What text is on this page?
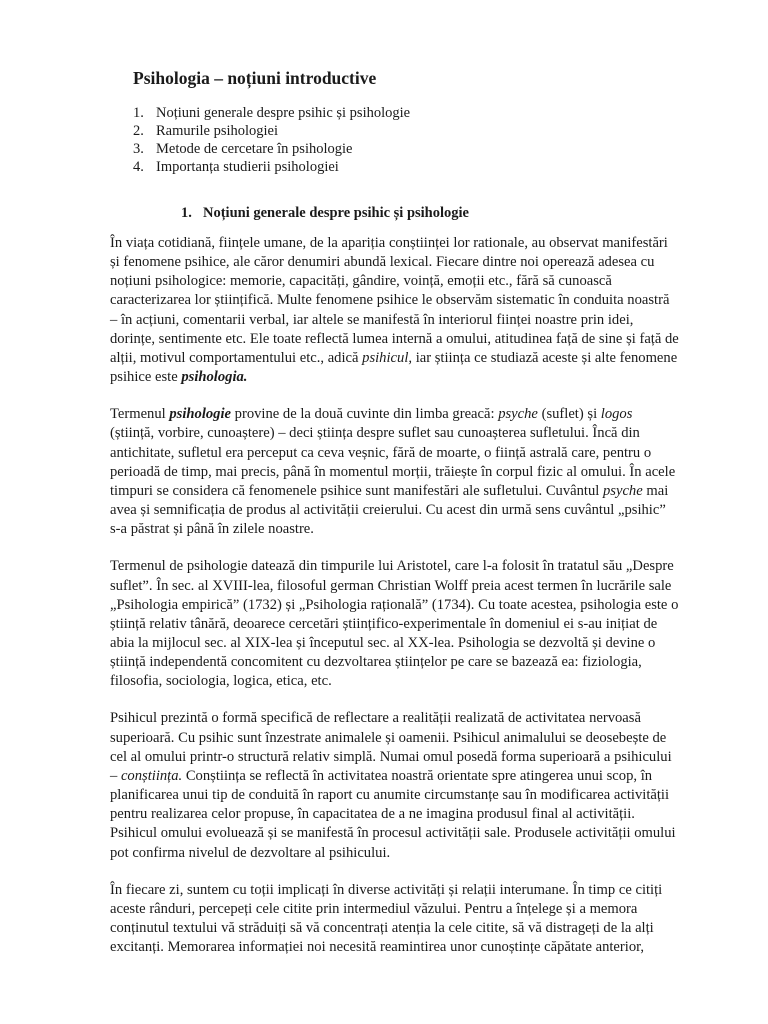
Psihologia – noțiuni introductive
1. Noțiuni generale despre psihic și psihologie
2. Ramurile psihologiei
3. Metode de cercetare în psihologie
4. Importanța studierii psihologiei
1. Noțiuni generale despre psihic și psihologie

În viața cotidiană, ființele umane, de la apariția conștiinței lor rationale, au observat manifestări
și fenomene psihice, ale căror denumiri abundă lexical. Fiecare dintre noi operează adesea cu
noțiuni psihologice: memorie, capacități, gândire, voință, emoții etc., fără să cunoască
caracterizarea lor științifică. Multe fenomene psihice le observăm sistematic în conduita noastră
– în acțiuni, comentarii verbal, iar altele se manifestă în interiorul ființei noastre prin idei,
dorințe, sentimente etc. Ele toate reflectă lumea internă a omului, atitudinea față de sine și față de
alții, motivul comportamentului etc., adică psihicul, iar știința ce studiază aceste și alte fenomene
psihice este psihologia.

Termenul psihologie provine de la două cuvinte din limba greacă: psyche (suflet) și logos
(știință, vorbire, cunoaștere) – deci știința despre suflet sau cunoașterea sufletului. Încă din
antichitate, sufletul era perceput ca ceva veșnic, fără de moarte, o ființă astrală care, pentru o
perioadă de timp, mai precis, până în momentul morții, trăiește în corpul fizic al omului. În acele
timpuri se considera că fenomenele psihice sunt manifestări ale sufletului. Cuvântul psyche mai
avea și semnificația de produs al activității creierului. Cu acest din urmă sens cuvântul „psihic”
s-a păstrat și până în zilele noastre.

Termenul de psihologie datează din timpurile lui Aristotel, care l-a folosit în tratatul său „Despre
suflet”. În sec. al XVIII-lea, filosoful german Christian Wolff preia acest termen în lucrările sale
„Psihologia empirică” (1732) și „Psihologia rațională” (1734). Cu toate acestea, psihologia este o
știință relativ tânără, deoarece cercetări științifico-experimentale în domeniul ei s-au inițiat de
abia la mijlocul sec. al XIX-lea și începutul sec. al XX-lea. Psihologia se dezvoltă și devine o
știință independentă concomitent cu dezvoltarea științelor pe care se bazează ea: fiziologia,
filosofia, sociologia, logica, etica, etc.

Psihicul prezintă o formă specifică de reflectare a realității realizată de activitatea nervoasă
superioară. Cu psihic sunt înzestrate animalele și oamenii. Psihicul animalului se deosebește de
cel al omului printr-o structură relativ simplă. Numai omul posedă forma superioară a psihicului
– conștiința. Conștiința se reflectă în activitatea noastră orientate spre atingerea unui scop, în
planificarea unui tip de conduită în raport cu anumite circumstanțe sau în modificarea activității
pentru realizarea celor propuse, în capacitatea de a ne imagina produsul final al activității.
Psihicul omului evoluează și se manifestă în procesul activității sale. Produsele activității omului
pot confirma nivelul de dezvoltare al psihicului.

În fiecare zi, suntem cu toții implicați în diverse activități și relații interumane. În timp ce citiți
aceste rânduri, percepeți cele citite prin intermediul văzului. Pentru a înțelege și a memora
conținutul textului vă străduiți să vă concentrați atenția la cele citite, să vă distrageți de la alți
excitanți. Memorarea informației noi necesită reamintirea unor cunoștințe căpătate anterior,
